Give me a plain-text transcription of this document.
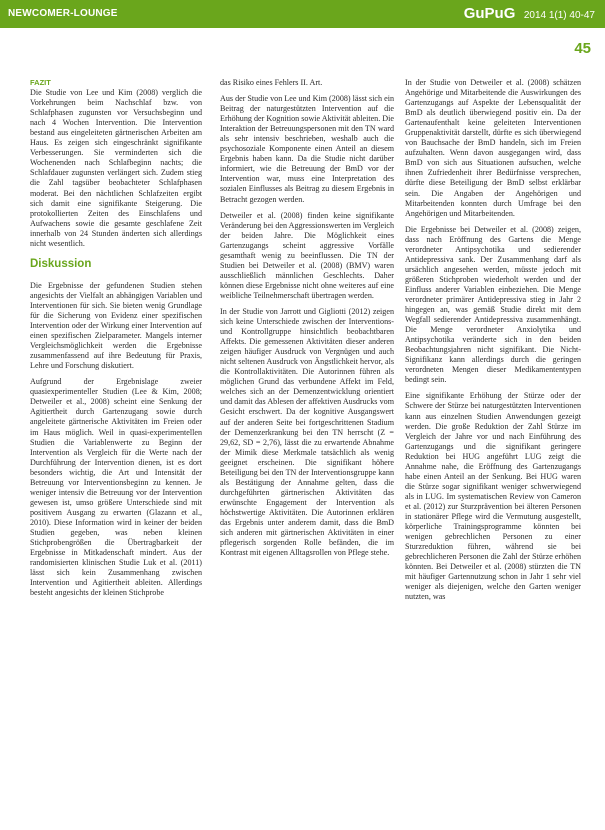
NEWCOMER-LOUNGE	GuPuG 2014 1(1) 40-47
45
FAZIT

Die Studie von Lee und Kim (2008) verglich die Vorkehrungen beim Nachschlaf bzw. von Schlafphasen zugunsten vor Versuchsbeginn und nach 4 Wochen Intervention. Die Intervention bestand aus eingeleiteten gärtnerischen Arbeiten am Haus. Es zeigen sich eingeschränkt signifikante Verbesserungen. Sie verminderten sich die Wochenenden nach Schlafbeginn nachts; die Schlafdauer zugunsten verlängert sich. Zudem stieg die Zahl tagsüber beobachteter Schlafphasen moderat. Bei den nächtlichen Schlafzeiten ergibt sich damit eine signifikante Steigerung. Die protokollierten Zeiten des Einschlafens und Aufwachens sowie die gesamte geschlafene Zeit innerhalb von 24 Stunden änderten sich allerdings nicht wesentlich.

Diskussion

Die Ergebnisse der gefundenen Studien stehen angesichts der Vielfalt an abhängigen Variablen und Interventionen für sich. Sie bieten wenig Grundlage für die Sicherung von Evidenz einer spezifischen Intervention oder der Wirkung einer Intervention auf einen spezifischen Zielparameter. Mangels interner Vergleichsmöglichkeit werden die Ergebnisse zusammenfassend auf ihre Bedeutung für Praxis, Lehre und Forschung diskutiert.

Aufgrund der Ergebnislage zweier quasiexperimenteller Studien (Lee & Kim, 2008; Detweiler et al., 2008) scheint eine Senkung der Agitiertheit durch Gartenzugang sowie durch angeleitete gärtnerische Aktivitäten im Freien oder im Haus möglich. Weil in quasi-experimentellen Studien die Variablenwerte zu Beginn der Intervention als Vergleich für die Werte nach der Durchführung der Intervention dienen, ist es dort besonders wichtig, die Art und Intensität der Betreuung vor Interventionsbeginn zu kennen. Je weniger intensiv die Betreuung vor der Intervention gewesen ist, umso größere Unterschiede sind mit positivem Ausgang zu erwarten (Glazann et al., 2010). Diese Information wird in keiner der beiden Studien gegeben, was neben kleinen Stichprobengrößen die Übertragbarkeit der Ergebnisse in Mitkadenschaft mindert. Aus der randomisierten klinischen Studie Luk et al. (2011) lässt sich kein Zusammenhang zwischen Intervention und Agitiertheit ableiten. Allerdings besteht angesichts der kleinen Stichprobe

das Risiko eines Fehlers II. Art.

Aus der Studie von Lee und Kim (2008) lässt sich ein Beitrag der naturgestützten Intervention auf die Erhöhung der Kognition sowie Aktivität ableiten. Die Interaktion der Betreuungspersonen mit den TN ward als sehr intensiv beschrieben, weshalb auch die psychosoziale Komponente einen Anteil an diesem Ergebnis haben kann. Da die Studie nicht darüber informiert, wie die Betreuung der BmD vor der Intervention war, muss eine Interpretation des sozialen Einflusses als Beitrag zu diesem Ergebnis in Betracht gezogen werden.

Detweiler et al. (2008) finden keine signifikante Veränderung bei den Aggressionswerten im Vergleich der beiden Jahre. Die Möglichkeit eines Gartenzugangs scheint aggressive Vorfälle gesamthaft wenig zu beeinflussen. Die TN der Studien bei Detweiler et al. (2008) (BMV) waren ausschließlich männlichen Geschlechts. Daher können diese Ergebnisse nicht ohne weiteres auf eine weibliche Teilnehmerschaft übertragen werden.

In der Studie von Jarrott und Gigliotti (2012) zeigen sich keine Unterschiede zwischen der Interventions- und Kontrollgruppe hinsichtlich beobachtbaren Affekts. Die gemessenen Aktivitäten dieser anderen zeigen häufiger Ausdruck von Vergnügen und auch nicht seltenen Ausdruck von Ängstlichkeit hervor, als die Kontrollaktivitäten. Die Autorinnen führen als möglichen Grund das verbundene Affekt im Feld, welches sich an der Demenzentwicklung orientiert und damit das Ablesen der affektiven Ausdrucks vom Gesicht erschwert. Da der kognitive Ausgangswert auf der anderen Seite bei fortgeschrittenen Stadium der Demenzerkrankung bei den TN herrscht (Z = 29,62, SD = 2,76), lässt die zu erwartende Abnahme der Mimik diese Merkmale tatsächlich als wenig geeignet erscheinen. Die signifikant höhere Beteiligung bei den TN der Interventionsgruppe kann als Bestätigung der Annahme gelten, dass die durchgeführten gärtnerischen Aktivitäten das erwünschte Engagement der Intervention als höchstwertige Aktivitäten. Die Autorinnen erklären das Ergebnis unter anderem damit, dass die BmD sich anderen mit gärtnerischen Aktivitäten in einer pflegerisch sorgenden Rolle befänden, die im Kontrast mit eigenen Alltagsrollen von Pflege stehe.

In der Studie von Detweiler et al. (2008) schätzen Angehörige und Mitarbeitende die Auswirkungen des Gartenzugangs auf Aspekte der Lebensqualität der BmD als deutlich überwiegend positiv ein. Da der Gartenaufenthalt keine geleiteten Interventionen Gruppenaktivität darstellt, dürfte es sich überwiegend von Bauchsache der BmD handeln, sich im Freien aufzuhalten. Wenn davon ausgegangen wird, dass BmD von sich aus Situationen aufsuchen, welche ihnen Zufriedenheit ihrer Bedürfnisse versprechen, dürfte diese Beteiligung der BmD selbst erklärbar sein. Die Angaben der Angehörigen und Mitarbeitenden konnten durch Umfrage bei den Angehörigen und Mitarbeitenden.

Die Ergebnisse bei Detweiler et al. (2008) zeigen, dass nach Eröffnung des Gartens die Menge verordneter Antipsychotika und sedierender Antidepressiva sank. Der Zusammenhang darf als ursächlich angesehen werden, müsste jedoch mit größeren Stichproben wiederholt werden und der Einfluss anderer Variablen einbeziehen. Die Menge verordneter primärer Antidepressiva stieg in Jahr 2 hingegen an, was gemäß Studie direkt mit dem Wegfall sedierender Antidepressiva zusammenhängt. Die Menge verordneter Anxiolytika und Antipsychotika veränderte sich in den beiden Beobachtungsjahren nicht signifikant. Die Nicht-Signifikanz kann allerdings durch die geringen verordneten Mengen dieser Medikamententypen bedingt sein.

Eine signifikante Erhöhung der Stürze oder der Schwere der Stürze bei naturgestützten Interventionen kann aus einzelnen Studien Anwendungen gezeigt werden. Die große Reduktion der Zahl Stürze im Vergleich der Jahre vor und nach Einführung des Gartenzugangs und die signifikant geringere Reduktion bei HUG angeführt LUG zeigt die Annahme nahe, die Eröffnung des Gartenzugangs habe einen Anteil an der Senkung. Bei HUG waren die Stürze sogar signifikant weniger schwerwiegend als in LUG. Im systematischen Review von Cameron et al. (2012) zur Sturzprävention bei älteren Personen in stationärer Pflege wird die Vermutung ausgestellt, körperliche Trainingsprogramme könnten bei wenigen gebrechlichen Personen zu einer Sturzreduktion führen, während sie bei gebrechlicheren Personen die Zahl der Stürze erhöhen könnten. Bei Detweiler et al. (2008) stürzten die TN mit häufiger Gartennutzung schon in Jahr 1 sehr viel weniger als diejenigen, welche den Garten weniger nutzten, was
